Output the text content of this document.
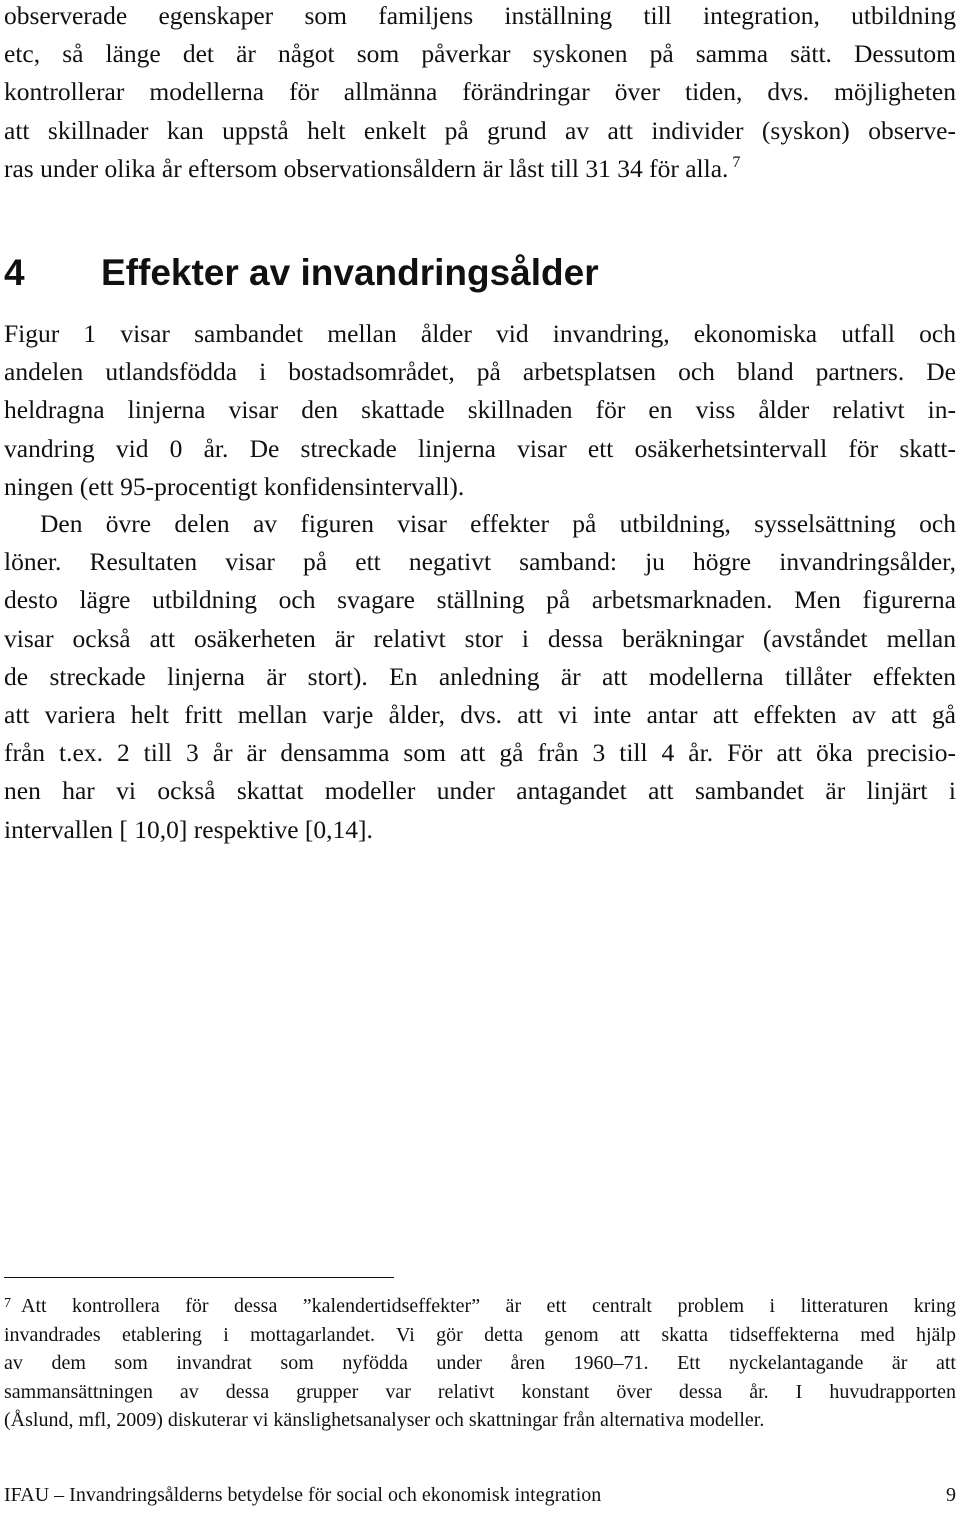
observerade egenskaper som familjens inställning till integration, utbildning
etc, så länge det är något som påverkar syskonen på samma sätt. Dessutom
kontrollerar modellerna för allmänna förändringar över tiden, dvs. möjligheten
att skillnader kan uppstå helt enkelt på grund av att individer (syskon) observe-
ras under olika år eftersom observationsåldern är låst till 31 34 för alla. $^7$
4 Effekter av invandringsålder
Figur 1 visar sambandet mellan ålder vid invandring, ekonomiska utfall och
andelen utlandsfödda i bostadsområdet, på arbetsplatsen och bland partners. De
heldragna linjerna visar den skattade skillnaden för en viss ålder relativt in-
vandring vid 0 år. De streckade linjerna visar ett osäkerhetsintervall för skatt-
ningen (ett 95-procentigt konfidensintervall).
Den övre delen av figuren visar effekter på utbildning, sysselsättning och
löner. Resultaten visar på ett negativt samband: ju högre invandringsålder,
desto lägre utbildning och svagare ställning på arbetsmarknaden. Men figurerna
visar också att osäkerheten är relativt stor i dessa beräkningar (avståndet mellan
de streckade linjerna är stort). En anledning är att modellerna tillåter effekten
att variera helt fritt mellan varje ålder, dvs. att vi inte antar att effekten av att gå
från t.ex. 2 till 3 år är densamma som att gå från 3 till 4 år. För att öka precisio-
nen har vi också skattat modeller under antagandet att sambandet är linjärt i
intervallen [ 10,0] respektive [0,14].
$^7$ Att kontrollera för dessa ”kalendertidseffekter” är ett centralt problem i litteraturen kring
invandrades etablering i mottagarlandet. Vi gör detta genom att skatta tidseffekterna med hjälp
av dem som invandrat som nyfödda under åren 1960–71. Ett nyckelantagande är att
sammansättningen av dessa grupper var relativt konstant över dessa år. I huvudrapporten
(Åslund, mfl, 2009) diskuterar vi känslighetsanalyser och skattningar från alternativa modeller.
IFAU – Invandringsålderns betydelse för social och ekonomisk integration	9
